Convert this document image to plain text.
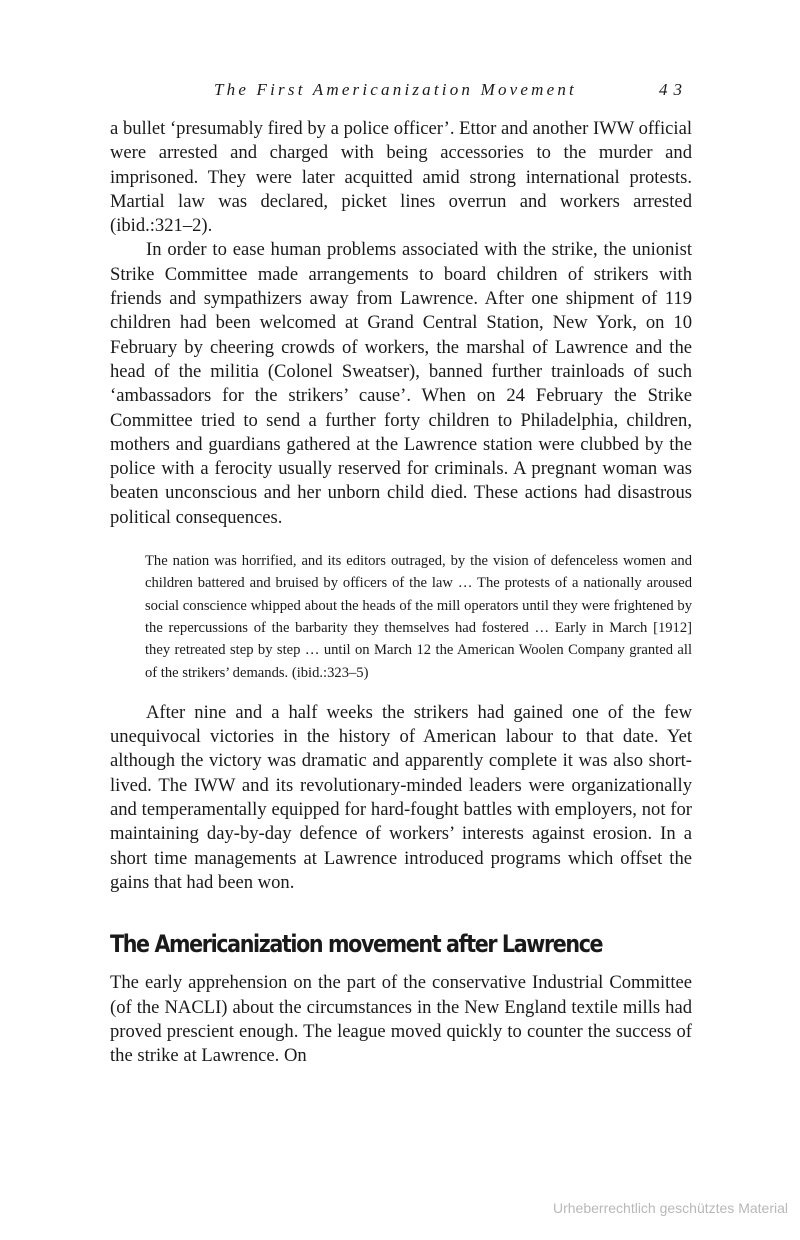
The First Americanization Movement	43

a bullet ‘presumably fired by a police officer’. Ettor and another IWW official were arrested and charged with being accessories to the murder and imprisoned. They were later acquitted amid strong international protests. Martial law was declared, picket lines overrun and workers arrested (ibid.:321–2).

In order to ease human problems associated with the strike, the unionist Strike Committee made arrangements to board children of strikers with friends and sympathizers away from Lawrence. After one shipment of 119 children had been welcomed at Grand Central Station, New York, on 10 February by cheering crowds of workers, the marshal of Lawrence and the head of the militia (Colonel Sweatser), banned further trainloads of such ‘ambassadors for the strikers’ cause’. When on 24 February the Strike Committee tried to send a further forty children to Philadelphia, children, mothers and guardians gathered at the Lawrence station were clubbed by the police with a ferocity usually reserved for criminals. A pregnant woman was beaten unconscious and her unborn child died. These actions had disastrous political consequences.

The nation was horrified, and its editors outraged, by the vision of defenceless women and children battered and bruised by officers of the law … The protests of a nationally aroused social conscience whipped about the heads of the mill operators until they were frightened by the repercussions of the barbarity they themselves had fostered … Early in March [1912] they retreated step by step … until on March 12 the American Woolen Company granted all of the strikers’ demands. (ibid.:323–5)

After nine and a half weeks the strikers had gained one of the few unequivocal victories in the history of American labour to that date. Yet although the victory was dramatic and apparently complete it was also short-lived. The IWW and its revolutionary-minded leaders were organizationally and temperamentally equipped for hard-fought battles with employers, not for maintaining day-by-day defence of workers’ interests against erosion. In a short time managements at Lawrence introduced programs which offset the gains that had been won.

The Americanization movement after Lawrence

The early apprehension on the part of the conservative Industrial Committee (of the NACLI) about the circumstances in the New England textile mills had proved prescient enough. The league moved quickly to counter the success of the strike at Lawrence. On

Urheberrechtlich geschütztes Material
